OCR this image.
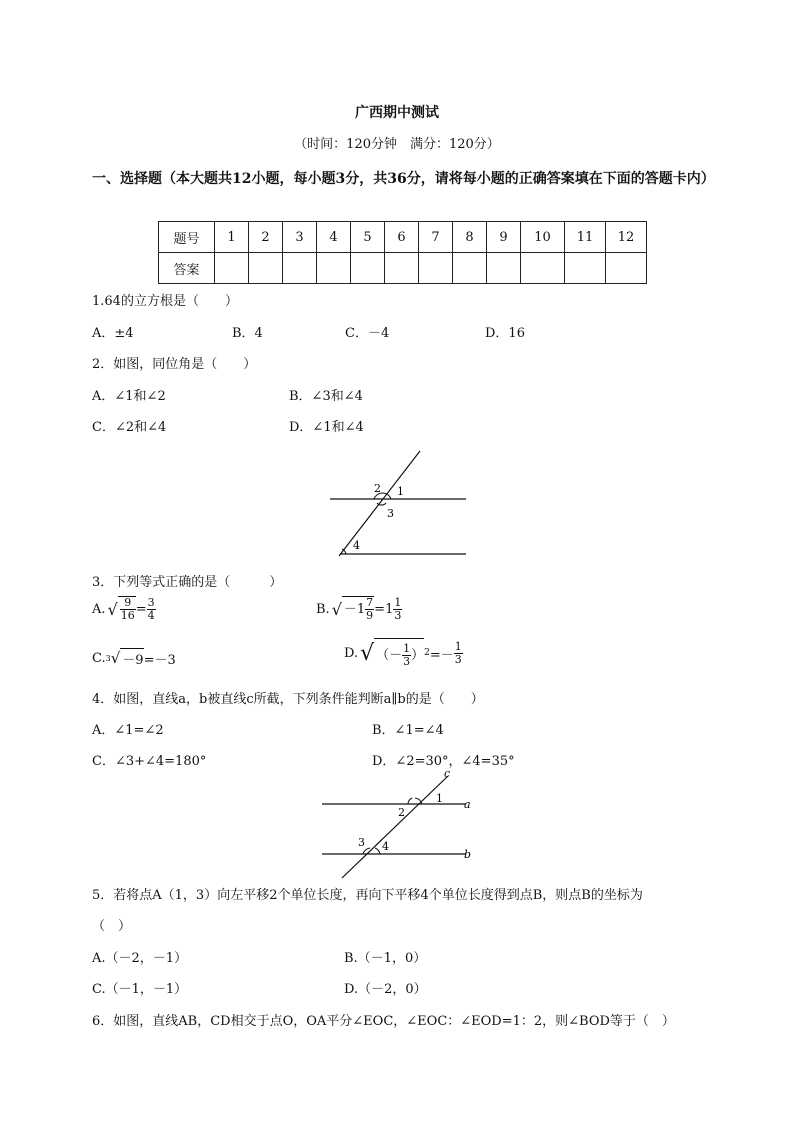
广西期中测试
（时间：120分钟　满分：120分）
一、选择题（本大题共12小题，每小题3分，共36分，请将每小题的正确答案填在下面的答题卡内）
题号	1	2	3	4	5	6	7	8	9	10	11	12
答案												
1.64的立方根是（　　）
A．±4	B．4	C．－4	D．16
2．如图，同位角是（　　）
A．∠1和∠2	B．∠3和∠4
C．∠2和∠4	D．∠1和∠4
2 1
3
4
3．下列等式正确的是（　　　）
A. √ $\frac{9}{16} = \frac{3}{4}$	B. √ $-1 \frac{7}{9} =1 \frac{1}{3}$
C. 3 √ －9 =－3	D. √ （－ $\frac{1}{3}$ ） $2 =- \frac{1}{3}$
4．如图，直线a，b被直线c所截，下列条件能判断a∥b的是（　　）
A．∠1=∠2	B．∠1=∠4
C．∠3+∠4=180°	D．∠2=30°，∠4=35°
c
1
2
a
3 4
b
5．若将点A（1，3）向左平移2个单位长度，再向下平移4个单位长度得到点B，则点B的坐标为
（　）
A.（－2，－1）	B.（－1，0）
C.（－1，－1）	D.（－2，0）
6．如图，直线AB，CD相交于点O，OA平分∠EOC，∠EOC：∠EOD=1：2，则∠BOD等于（　）
